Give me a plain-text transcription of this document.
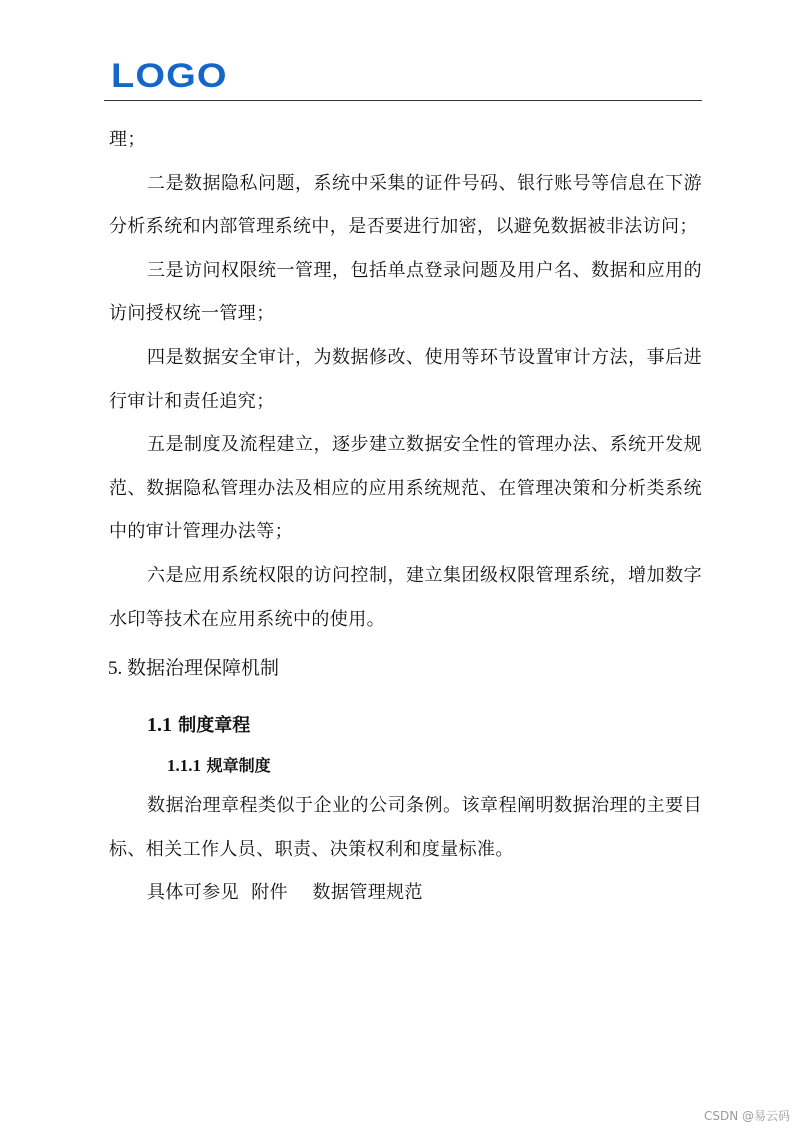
LOGO

理；

二是数据隐私问题，系统中采集的证件号码、银行账号等信息在下游分析系统和内部管理系统中，是否要进行加密，以避免数据被非法访问；

三是访问权限统一管理，包括单点登录问题及用户名、数据和应用的访问授权统一管理；

四是数据安全审计，为数据修改、使用等环节设置审计方法，事后进行审计和责任追究；

五是制度及流程建立，逐步建立数据安全性的管理办法、系统开发规范、数据隐私管理办法及相应的应用系统规范、在管理决策和分析类系统中的审计管理办法等；

六是应用系统权限的访问控制，建立集团级权限管理系统，增加数字水印等技术在应用系统中的使用。

5. 数据治理保障机制
1.1 制度章程
1.1.1 规章制度

数据治理章程类似于企业的公司条例。该章程阐明数据治理的主要目标、相关工作人员、职责、决策权利和度量标准。

具体可参见  附件    数据管理规范

CSDN @易云码
